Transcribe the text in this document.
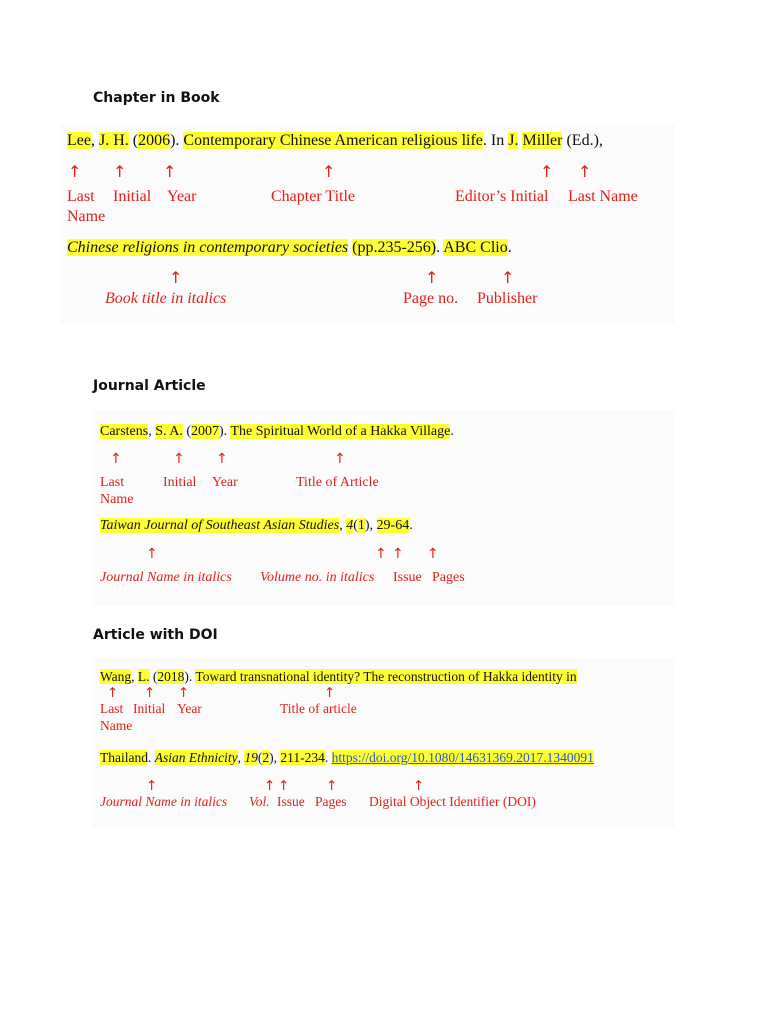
Chapter in Book
Lee, J. H. (2006). Contemporary Chinese American religious life. In J. Miller (Ed.),
↑ ↑ ↑	↑	↑ ↑
Last
Name
Initial Year	Chapter Title	Editor’s Initial Last Name
Chinese religions in contemporary societies (pp.235-256). ABC Clio.
↑	↑	↑
Book title in italics	Page no. Publisher
Journal Article
Carstens, S. A. (2007). The Spiritual World of a Hakka Village.
↑	↑ ↑	↑
Last
Name
Initial Year	Title of Article
Taiwan Journal of Southeast Asian Studies, 4(1), 29-64.
↑	↑ ↑ ↑
Journal Name in italics Volume no. in italics Issue Pages
Article with DOI
Wang, L. (2018). Toward transnational identity? The reconstruction of Hakka identity in
↑ ↑ ↑	↑
Last
Name
Initial Year	Title of article
Thailand. Asian Ethnicity, 19(2), 211-234. https://doi.org/10.1080/14631369.2017.1340091
↑	↑ ↑	↑	↑
Journal Name in italics Vol. Issue Pages Digital Object Identifier (DOI)
